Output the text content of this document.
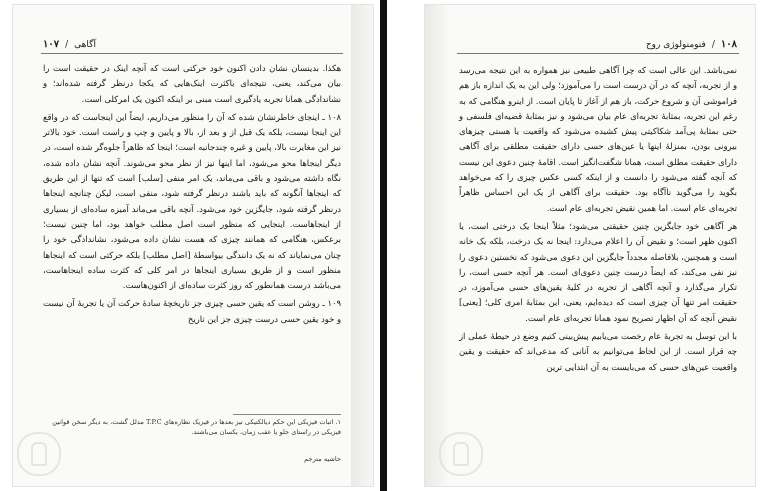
آگاهی
/
۱۰۷

هکذا. بدینسان نشان دادن اکنون خود حرکتی است که آنچه اینک در حقیقت است را بیان می‌کند، یعنی، نتیجه‌ای باکثرت اینک‌هایی که یکجا درنظر گرفته شده‌اند؛ و نشاندادگی همانا تجربه یادگیری است مبنی بر اینکه اکنون یک امرکلی است.

۱۰۸ ـ اینجای خاطرنشان شده که آن را منظور می‌داریم، ایضاً این اینجاست که در واقع این اینجا نیست، بلکه یک قبل از و بعد از، بالا و پایین و چپ و راست است. خود بالاتر نیز این مغایرت بالا، پایین و غیره چندجانبه است؛ اینجا که ظاهراً جلوه‌گر شده است، در دیگر اینجاها محو می‌شود، اما اینها نیز از نظر محو می‌شوند. آنچه نشان داده شده، نگاه داشته می‌شود و باقی می‌ماند، یک امر منفی [سلب] است که تنها از این طریق که اینجاها آنگونه که باید باشند درنظر گرفته شود، منفی است، لیکن چنانچه اینجاها درنظر گرفته شود، جایگزین خود می‌شود. آنچه باقی می‌ماند آمیزه ساده‌ای از بسیاری از اینجاهاست. اینجایی که منظور است اصل مطلب خواهد بود، اما چنین نیست؛ برعکس، هنگامی که همانند چیزی که هست نشان داده می‌شود، نشاندادگی خود را چنان می‌نمایاند که نه یک دانندگی بیواسطهٔ [اصل مطلب] بلکه حرکتی است که اینجاها منظور است و از طریق بسیاری اینجاها در امر کلی که کثرت ساده اینجاهاست، می‌باشد درست همانطور که روز کثرت ساده‌ای از اکنون‌هاست.

۱۰۹ ـ روشن است که یقین حسی چیزی جز تاریخچهٔ سادهٔ حرکت آن یا تجربهٔ آن نیست و خود یقین حسی درست چیزی جز این تاریخ

۱. اثبات فیزیکی این حکم دیالکتیکی نیز بعدها در فیزیک نظاره‌های T.P.C مدلل گشت، به دیگر سخن قوانین فیزیکی در راستای جلو یا عقب زمان، یکسان می‌باشند.
حاشیه مترجم
۱۰۸
/
فنومنولوژی روح

نمی‌باشد. این عالی است که چرا آگاهی طبیعی نیز همواره به این نتیجه می‌رسد و از تجربه، آنچه که در آن درست است را می‌آموزد؛ ولی این به یک اندازه باز هم فراموشی آن و شروع حرکت، باز هم از آغاز تا پایان است. از اینرو هنگامی که به رغم این تجربه، بمثابهٔ تجربه‌ای عام بیان می‌شود و نیز بمثابهٔ قضیه‌ای فلسفی و حتی بمثابهٔ پی‌آمد شکاکیتی پیش کشیده می‌شود که واقعیت یا هستی چیزهای بیرونی بودن، بمنزلهٔ اینها یا عین‌های حسی دارای حقیقت مطلقی برای آگاهی دارای حقیقت مطلق است، همانا شگفت‌انگیز است. اقامهٔ چنین دعوی این نیست که آنچه گفته می‌شود را دانست و از اینکه کسی عکس چیزی را که می‌خواهد بگوید را می‌گوید ناآگاه بود. حقیقت برای آگاهی از یک این احساس ظاهراً تجربه‌ای عام است. اما همین نقیض تجربه‌ای عام است.

هر آگاهی خود جایگزین چنین حقیقتی می‌شود؛ مثلاً اینجا یک درختی است، یا اکنون ظهر است؛ و نقیض آن را اعلام می‌دارد: اینجا نه یک درخت، بلکه یک خانه است و همچنین، بلافاصله مجدداً جایگزین این دعوی می‌شود که نخستین دعوی را نیز نفی می‌کند، که ایضاً درست چنین دعوی‌ای است. هر آنچه حسی است، را تکرار می‌گذارد و آنچه آگاهی از تجربه در کلیهٔ یقین‌های حسی می‌آموزد، در حقیقت امر تنها آن چیزی است که دیده‌ایم، یعنی، این بمثابهٔ امری کلی؛ [یعنی] نقیض آنچه که آن اظهار تصریح نمود همانا تجربه‌ای عام است.

با این توسل به تجربهٔ عام رخصت می‌یابیم پیش‌بینی کنیم وضع در حیطهٔ عملی از چه قرار است. از این لحاظ می‌توانیم به آنانی که مدعی‌اند که حقیقت و یقین واقعیت عین‌های حسی که می‌بایست به آن ابتدایی ترین
